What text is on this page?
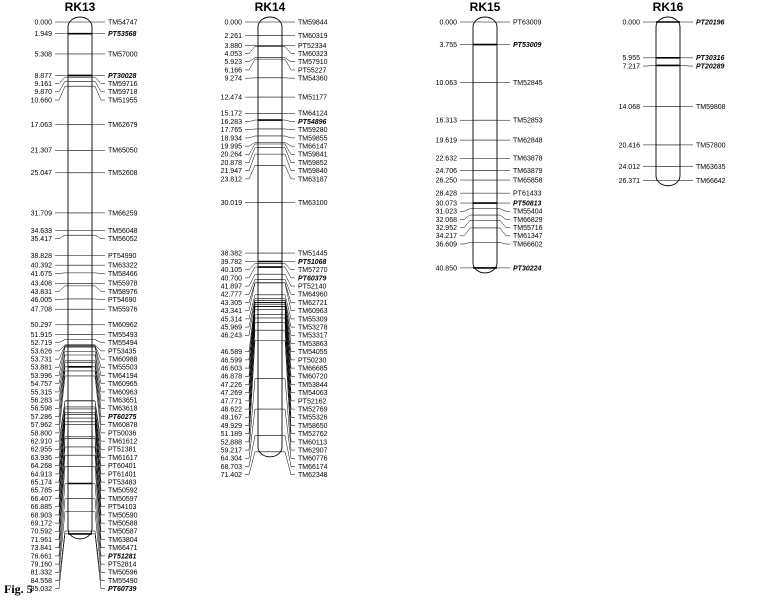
RK13
0.000	TM54747
1.949	PT53568
5.308	TM57000
8.877	PT30028
9.161	TM59716
9.870	TM59718
10.660	TM51955
17.063	TM62679
21.307	TM65050
25.047	TM52608
31.709	TM66259
34.633	TM56048
35.417	TM56052
38.828	PT54990
40.392	TM63322
41.675	TM58466
43.408	TM55978
43.831	TM58976
46.005	PT54690
47.708	TM55976
50.297	TM60962
51.915	TM55493
52.719	TM55494
53.626	PT53435
53.731	TM60988
53.881	TM55503
53.996	TM64194
54.757	TM60965
55.315	TM60963
56.283	TM63651
56.598	TM63618
57.286	PT60275
57.962	TM60878
58.800	PT50036
62.910	TM61612
62.955	PT51381
63.936	TM61617
64.268	PT60401
64.913	PT61401
65.174	PT53483
65.785	TM50592
66.407	TM50597
66.885	PT54103
68.903	TM50590
69.172	TM50588
70.592	TM50587
71.961	TM63804
73.841	TM66471
76.661	PT51281
79.160	PT52814
81.332	TM50596
84.558	TM55490
85.032	PT60739
RK14
0.000	TM59844
2.261	TM60319
3.880	PT52334
4.053	TM60323
5.923	TM57910
6.166	PT55227
9.274	TM54360
12.474	TM51177
15.172	TM64124
16.283	PT54896
17.765	TM59280
18.934	TM59855
19.995	TM66147
20.264	TM59841
20.878	TM59852
21.947	TM59840
23.812	TM63187
30.019	TM63100
38.382	TM51445
39.782	PT51068
40.105	TM57270
40.700	PT60379
41.897	PT52140
42.777	TM64960
43.305	TM62721
43.341	TM60963
45.314	TM55309
45.969	TM53278
46.243	TM53317
TM53863
46.589	TM54055
46.599	PT50230
46.603	TM66685
46.878	TM60720
47.226	TM53844
47.269	TM54063
47.771	PT52162
48.622	TM52769
49.167	TM55326
49.929	TM58650
51.189	TM52762
52.888	TM60113
59.217	TM62907
64.304	TM60776
68.703	TM66174
71.402	TM62348
RK15
0.000	PT63009
3.755	PT53009
10.063	TM52845
16.313	TM52853
19.619	TM62848
22.632	TM63878
24.706	TM63879
26.250	TM65858
28.428	PT61433
30.073	PT50813
31.023	TM55404
32.068	TM66829
32.952	TM55716
34.217	TM61347
36.609	TM66602
40.850	PT30224
RK16
0.000	PT20196
5.955	PT30316
7.217	PT20289
14.068	TM59808
20.416	TM57800
24.012	TM63635
26.371	TM66642
Fig. 5
